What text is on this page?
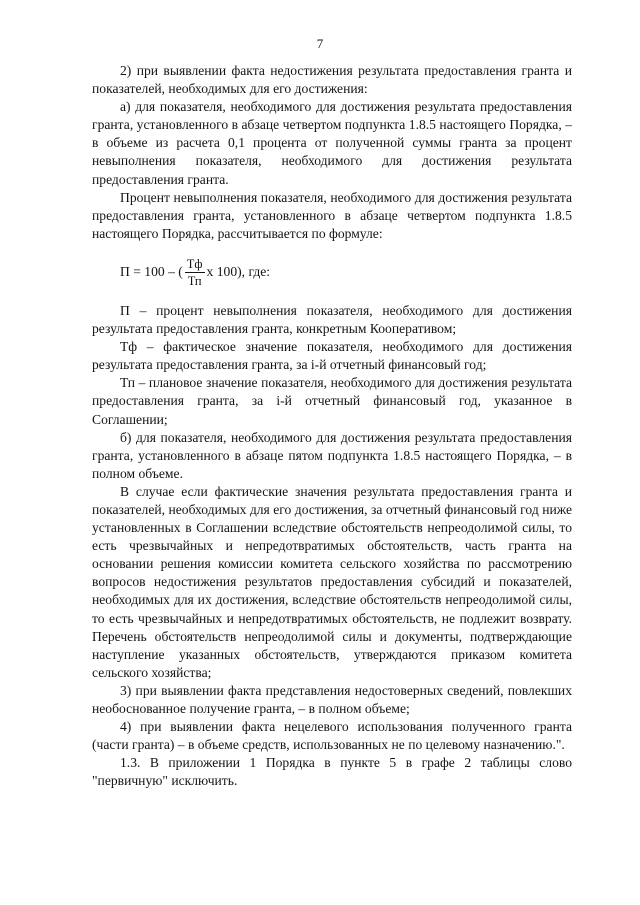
7

2) при выявлении факта недостижения результата предоставления гранта и показателей, необходимых для его достижения:

а) для показателя, необходимого для достижения результата предоставления гранта, установленного в абзаце четвертом подпункта 1.8.5 настоящего Порядка, – в объеме из расчета 0,1 процента от полученной суммы гранта за процент невыполнения показателя, необходимого для достижения результата предоставления гранта.

Процент невыполнения показателя, необходимого для достижения результата предоставления гранта, установленного в абзаце четвертом подпункта 1.8.5 настоящего Порядка, рассчитывается по формуле:

П = 100 – ( $\frac{Тф}{Тп}$ х 100), где:

П – процент невыполнения показателя, необходимого для достижения результата предоставления гранта, конкретным Кооперативом;

Тф – фактическое значение показателя, необходимого для достижения результата предоставления гранта, за i-й отчетный финансовый год;

Тп – плановое значение показателя, необходимого для достижения результата предоставления гранта, за i-й отчетный финансовый год, указанное в Соглашении;

б) для показателя, необходимого для достижения результата предоставления гранта, установленного в абзаце пятом подпункта 1.8.5 настоящего Порядка, – в полном объеме.

В случае если фактические значения результата предоставления гранта и показателей, необходимых для его достижения, за отчетный финансовый год ниже установленных в Соглашении вследствие обстоятельств непреодолимой силы, то есть чрезвычайных и непредотвратимых обстоятельств, часть гранта на основании решения комиссии комитета сельского хозяйства по рассмотрению вопросов недостижения результатов предоставления субсидий и показателей, необходимых для их достижения, вследствие обстоятельств непреодолимой силы, то есть чрезвычайных и непредотвратимых обстоятельств, не подлежит возврату. Перечень обстоятельств непреодолимой силы и документы, подтверждающие наступление указанных обстоятельств, утверждаются приказом комитета сельского хозяйства;

3) при выявлении факта представления недостоверных сведений, повлекших необоснованное получение гранта, – в полном объеме;

4) при выявлении факта нецелевого использования полученного гранта (части гранта) – в объеме средств, использованных не по целевому назначению.".

1.3. В приложении 1 Порядка в пункте 5 в графе 2 таблицы слово "первичную" исключить.
